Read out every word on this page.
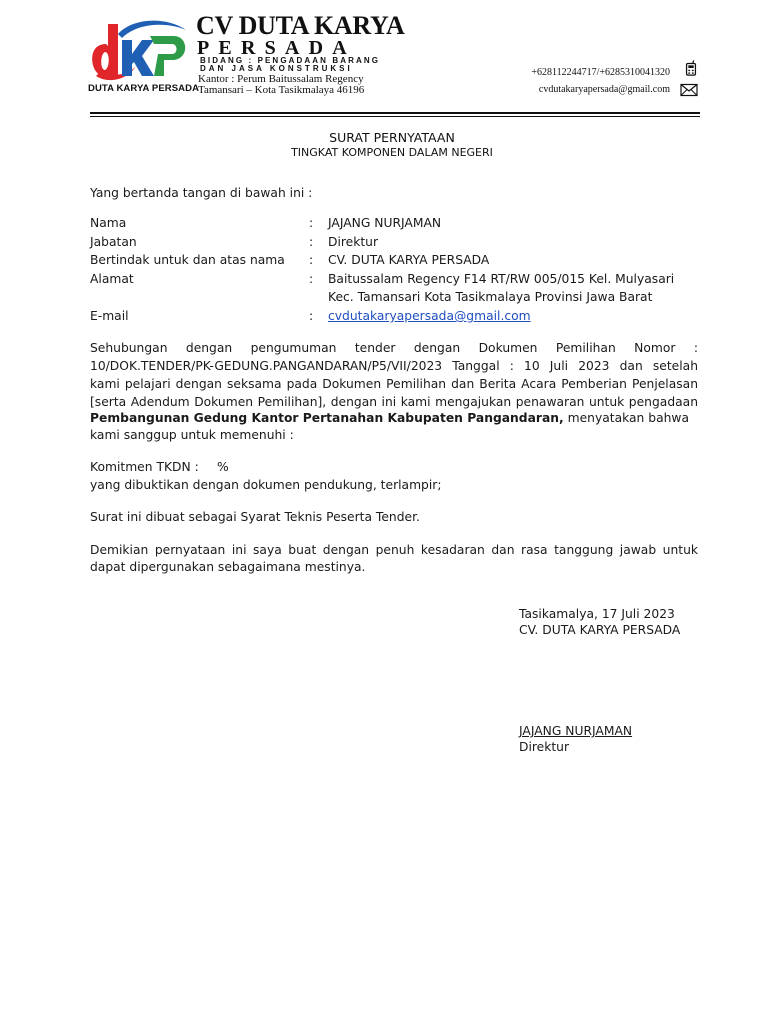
DUTA KARYA PERSADA
CV DUTA KARYA
PERSADA
BIDANG : PENGADAAN BARANG
DAN JASA KONSTRUKSI
Kantor : Perum Baitussalam Regency
Tamansari – Kota Tasikmalaya 46196
+628112244717/+6285310041320
cvdutakaryapersada@gmail.com
SURAT PERNYATAAN
TINGKAT KOMPONEN DALAM NEGERI
Yang bertanda tangan di bawah ini :
Nama	: JAJANG NURJAMAN
Jabatan	: Direktur
Bertindak untuk dan atas nama : CV. DUTA KARYA PERSADA
Alamat	: Baitussalam Regency F14 RT/RW 005/015 Kel. Mulyasari
Kec. Tamansari Kota Tasikmalaya Provinsi Jawa Barat
E-mail	: cvdutakaryapersada@gmail.com
Sehubungan dengan pengumuman tender dengan Dokumen Pemilihan Nomor :
10/DOK.TENDER/PK-GEDUNG.PANGANDARAN/P5/VII/2023 Tanggal : 10 Juli 2023 dan setelah
kami pelajari dengan seksama pada Dokumen Pemilihan dan Berita Acara Pemberian Penjelasan
[serta Adendum Dokumen Pemilihan], dengan ini kami mengajukan penawaran untuk pengadaan
Pembangunan Gedung Kantor Pertanahan Kabupaten Pangandaran, menyatakan bahwa
kami sanggup untuk memenuhi :
Komitmen TKDN : %
yang dibuktikan dengan dokumen pendukung, terlampir;
Surat ini dibuat sebagai Syarat Teknis Peserta Tender.
Demikian pernyataan ini saya buat dengan penuh kesadaran dan rasa tanggung jawab untuk
dapat dipergunakan sebagaimana mestinya.
Tasikamalya, 17 Juli 2023
CV. DUTA KARYA PERSADA
JAJANG NURJAMAN
Direktur
